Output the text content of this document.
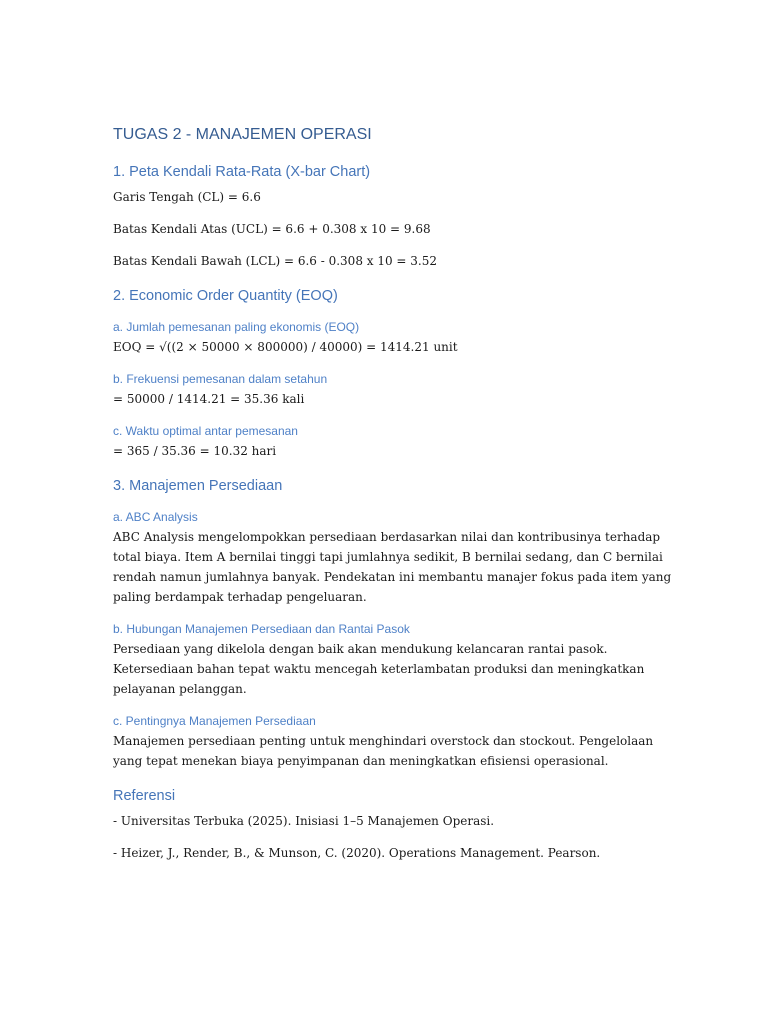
TUGAS 2 - MANAJEMEN OPERASI
1. Peta Kendali Rata-Rata (X-bar Chart)

Garis Tengah (CL) = 6.6

Batas Kendali Atas (UCL) = 6.6 + 0.308 x 10 = 9.68

Batas Kendali Bawah (LCL) = 6.6 - 0.308 x 10 = 3.52

2. Economic Order Quantity (EOQ)
a. Jumlah pemesanan paling ekonomis (EOQ)

EOQ = √((2 × 50000 × 800000) / 40000) = 1414.21 unit

b. Frekuensi pemesanan dalam setahun

= 50000 / 1414.21 = 35.36 kali

c. Waktu optimal antar pemesanan

= 365 / 35.36 = 10.32 hari

3. Manajemen Persediaan
a. ABC Analysis

ABC Analysis mengelompokkan persediaan berdasarkan nilai dan kontribusinya terhadap total biaya. Item A bernilai tinggi tapi jumlahnya sedikit, B bernilai sedang, dan C bernilai rendah namun jumlahnya banyak. Pendekatan ini membantu manajer fokus pada item yang paling berdampak terhadap pengeluaran.

b. Hubungan Manajemen Persediaan dan Rantai Pasok

Persediaan yang dikelola dengan baik akan mendukung kelancaran rantai pasok. Ketersediaan bahan tepat waktu mencegah keterlambatan produksi dan meningkatkan pelayanan pelanggan.

c. Pentingnya Manajemen Persediaan

Manajemen persediaan penting untuk menghindari overstock dan stockout. Pengelolaan yang tepat menekan biaya penyimpanan dan meningkatkan efisiensi operasional.

Referensi

- Universitas Terbuka (2025). Inisiasi 1–5 Manajemen Operasi.

- Heizer, J., Render, B., & Munson, C. (2020). Operations Management. Pearson.
